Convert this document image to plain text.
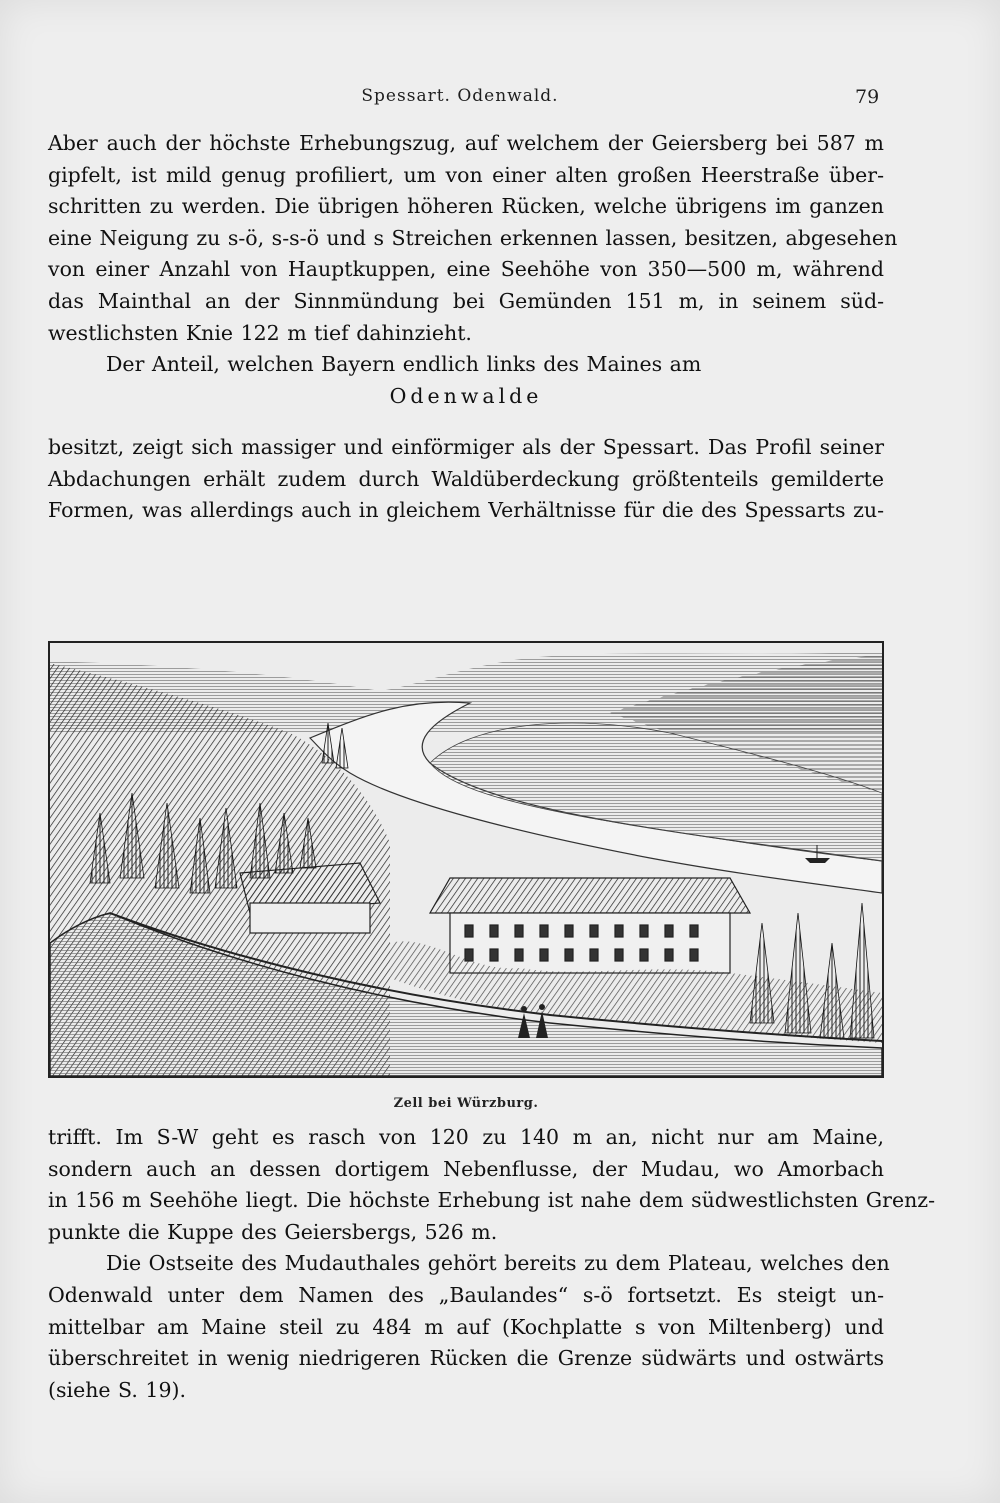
Spessart. Odenwald.	79
Aber auch der höchste Erhebungszug, auf welchem der Geiersberg bei 587 m
gipfelt, ist mild genug profiliert, um von einer alten großen Heerstraße über-
schritten zu werden. Die übrigen höheren Rücken, welche übrigens im ganzen
eine Neigung zu s-ö, s-s-ö und s Streichen erkennen lassen, besitzen, abgesehen
von einer Anzahl von Hauptkuppen, eine Seehöhe von 350—500 m, während
das Mainthal an der Sinnmündung bei Gemünden 151 m, in seinem süd-
westlichsten Knie 122 m tief dahinzieht.
Der Anteil, welchen Bayern endlich links des Maines am
Odenwalde
besitzt, zeigt sich massiger und einförmiger als der Spessart. Das Profil seiner
Abdachungen erhält zudem durch Waldüberdeckung größtenteils gemilderte
Formen, was allerdings auch in gleichem Verhältnisse für die des Spessarts zu-
Zell bei Würzburg.
trifft. Im S-W geht es rasch von 120 zu 140 m an, nicht nur am Maine,
sondern auch an dessen dortigem Nebenflusse, der Mudau, wo Amorbach
in 156 m Seehöhe liegt. Die höchste Erhebung ist nahe dem südwestlichsten Grenz-
punkte die Kuppe des Geiersbergs, 526 m.
Die Ostseite des Mudauthales gehört bereits zu dem Plateau, welches den
Odenwald unter dem Namen des „Baulandes“ s-ö fortsetzt. Es steigt un-
mittelbar am Maine steil zu 484 m auf (Kochplatte s von Miltenberg) und
überschreitet in wenig niedrigeren Rücken die Grenze südwärts und ostwärts
(siehe S. 19).
